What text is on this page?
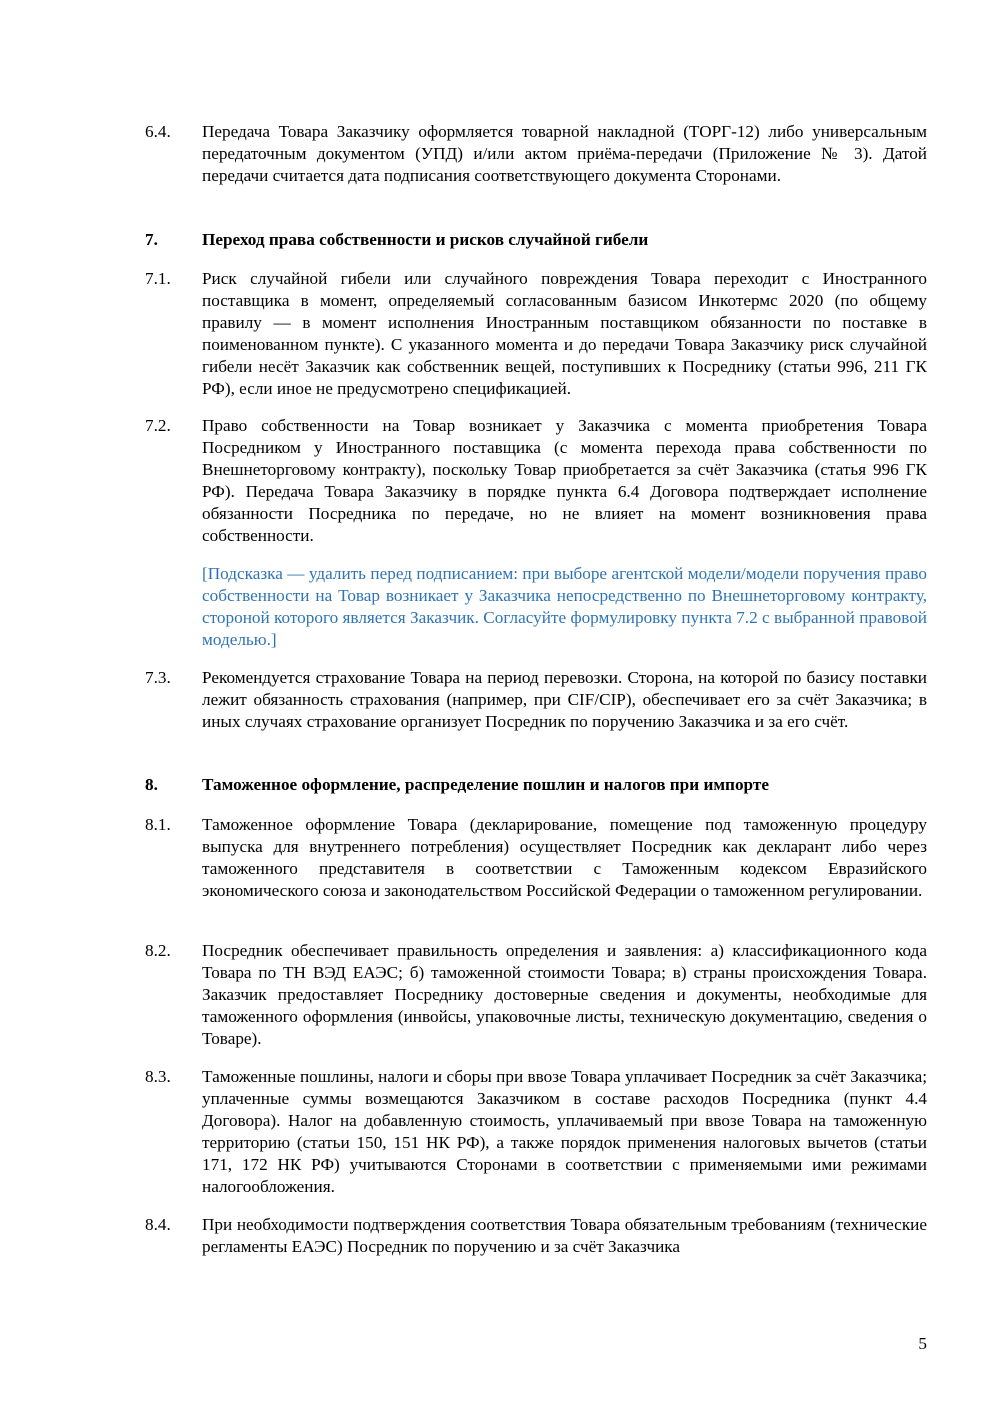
6.4.	Передача Товара Заказчику оформляется товарной накладной (ТОРГ-12) либо универсальным передаточным документом (УПД) и/или актом приёма-передачи (Приложение № 3). Датой передачи считается дата подписания соответствующего документа Сторонами.
7.	Переход права собственности и рисков случайной гибели
7.1.	Риск случайной гибели или случайного повреждения Товара переходит с Иностранного поставщика в момент, определяемый согласованным базисом Инкотермс 2020 (по общему правилу — в момент исполнения Иностранным поставщиком обязанности по поставке в поименованном пункте). С указанного момента и до передачи Товара Заказчику риск случайной гибели несёт Заказчик как собственник вещей, поступивших к Посреднику (статьи 996, 211 ГК РФ), если иное не предусмотрено спецификацией.
7.2.	Право собственности на Товар возникает у Заказчика с момента приобретения Товара Посредником у Иностранного поставщика (с момента перехода права собственности по Внешнеторговому контракту), поскольку Товар приобретается за счёт Заказчика (статья 996 ГК РФ). Передача Товара Заказчику в порядке пункта 6.4 Договора подтверждает исполнение обязанности Посредника по передаче, но не влияет на момент возникновения права собственности.
[Подсказка — удалить перед подписанием: при выборе агентской модели/модели поручения право собственности на Товар возникает у Заказчика непосредственно по Внешнеторговому контракту, стороной которого является Заказчик. Согласуйте формулировку пункта 7.2 с выбранной правовой моделью.]
7.3.	Рекомендуется страхование Товара на период перевозки. Сторона, на которой по базису поставки лежит обязанность страхования (например, при CIF/CIP), обеспечивает его за счёт Заказчика; в иных случаях страхование организует Посредник по поручению Заказчика и за его счёт.
8.	Таможенное оформление, распределение пошлин и налогов при импорте
8.1.	Таможенное оформление Товара (декларирование, помещение под таможенную процедуру выпуска для внутреннего потребления) осуществляет Посредник как декларант либо через таможенного представителя в соответствии с Таможенным кодексом Евразийского экономического союза и законодательством Российской Федерации о таможенном регулировании.
8.2.	Посредник обеспечивает правильность определения и заявления: а) классификационного кода Товара по ТН ВЭД ЕАЭС; б) таможенной стоимости Товара; в) страны происхождения Товара. Заказчик предоставляет Посреднику достоверные сведения и документы, необходимые для таможенного оформления (инвойсы, упаковочные листы, техническую документацию, сведения о Товаре).
8.3.	Таможенные пошлины, налоги и сборы при ввозе Товара уплачивает Посредник за счёт Заказчика; уплаченные суммы возмещаются Заказчиком в составе расходов Посредника (пункт 4.4 Договора). Налог на добавленную стоимость, уплачиваемый при ввозе Товара на таможенную территорию (статьи 150, 151 НК РФ), а также порядок применения налоговых вычетов (статьи 171, 172 НК РФ) учитываются Сторонами в соответствии с применяемыми ими режимами налогообложения.
8.4.	При необходимости подтверждения соответствия Товара обязательным требованиям (технические регламенты ЕАЭС) Посредник по поручению и за счёт Заказчика
5
